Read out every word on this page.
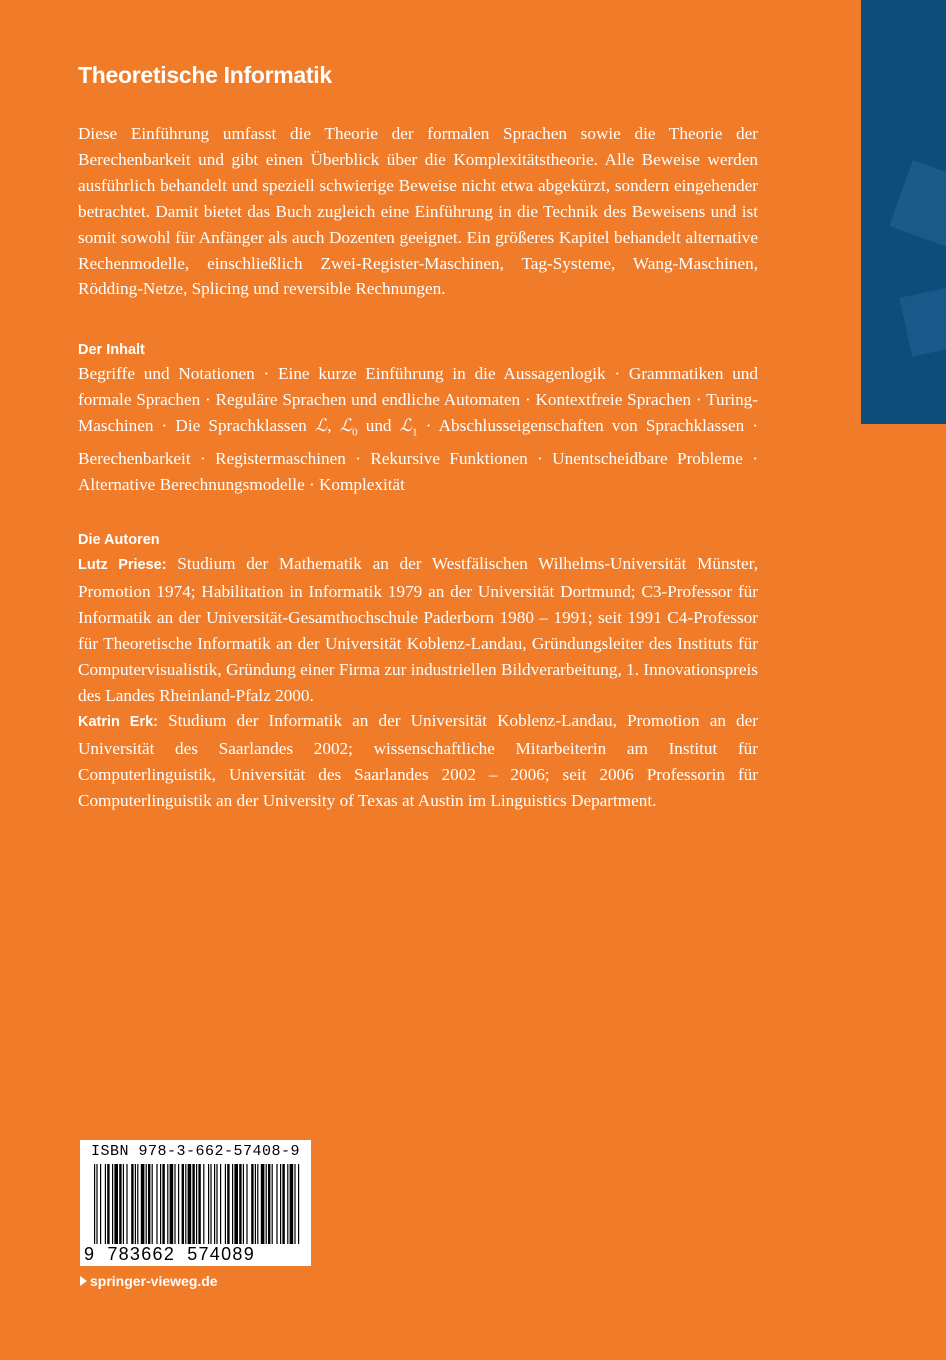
Theoretische Informatik

Diese Einführung umfasst die Theorie der formalen Sprachen sowie die Theorie der Berechenbarkeit und gibt einen Überblick über die Komplexitätstheorie. Alle Beweise werden ausführlich behandelt und speziell schwierige Beweise nicht etwa abgekürzt, sondern eingehender betrachtet. Damit bietet das Buch zugleich eine Einführung in die Technik des Beweisens und ist somit sowohl für Anfänger als auch Dozenten geeignet. Ein größeres Kapitel behandelt alternative Rechenmodelle, einschließlich Zwei-Register-Maschinen, Tag-Systeme, Wang-Maschinen, Rödding-Netze, Splicing und reversible Rechnungen.

Der Inhalt

Begriffe und Notationen · Eine kurze Einführung in die Aussagenlogik · Grammatiken und formale Sprachen · Reguläre Sprachen und endliche Automaten · Kontextfreie Sprachen · Turing-Maschinen · Die Sprachklassen ℒ, ℒ$_0$ und ℒ$_1$ · Abschlusseigenschaften von Sprachklassen · Berechenbarkeit · Registermaschinen · Rekursive Funktionen · Unentscheidbare Probleme · Alternative Berechnungsmodelle · Komplexität

Die Autoren

Lutz Priese: Studium der Mathematik an der Westfälischen Wilhelms-Universität Münster, Promotion 1974; Habilitation in Informatik 1979 an der Universität Dortmund; C3-Professor für Informatik an der Universität-Gesamthochschule Paderborn 1980 – 1991; seit 1991 C4-Professor für Theoretische Informatik an der Universität Koblenz-Landau, Gründungsleiter des Instituts für Computervisualistik, Gründung einer Firma zur industriellen Bildverarbeitung, 1. Innovationspreis des Landes Rheinland-Pfalz 2000.

Katrin Erk: Studium der Informatik an der Universität Koblenz-Landau, Promotion an der Universität des Saarlandes 2002; wissenschaftliche Mitarbeiterin am Institut für Computerlinguistik, Universität des Saarlandes 2002 – 2006; seit 2006 Professorin für Computerlinguistik an der University of Texas at Austin im Linguistics Department.

ISBN 978-3-662-57408-9
9 783662 574089
springer-vieweg.de
